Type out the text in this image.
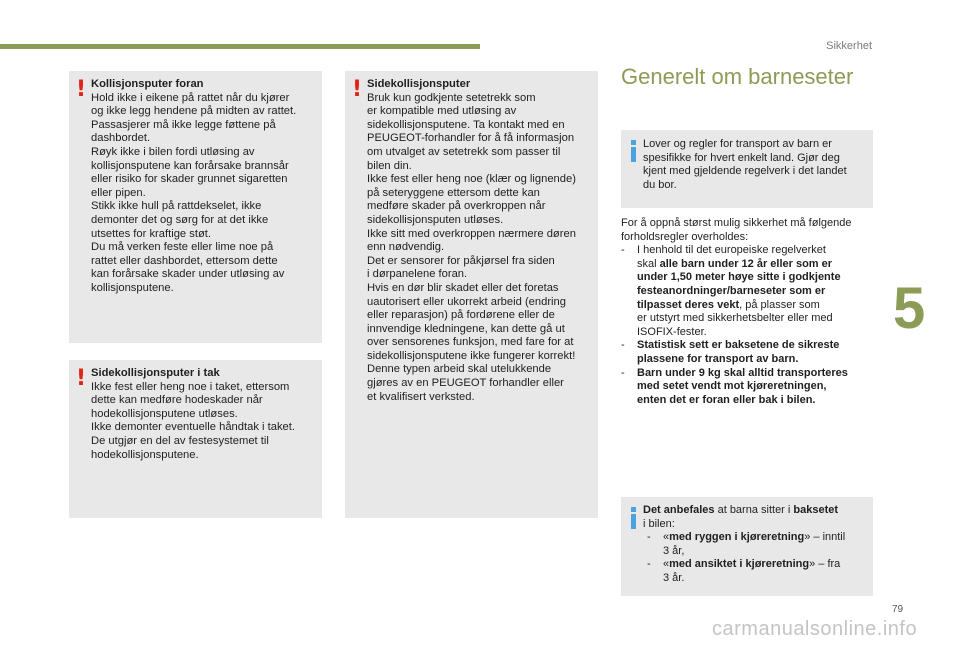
Sikkerhet
5
! Kollisjonsputer foran
Hold ikke i eikene på rattet når du kjører
og ikke legg hendene på midten av rattet.
Passasjerer må ikke legge føttene på
dashbordet.
Røyk ikke i bilen fordi utløsing av
kollisjonsputene kan forårsake brannsår
eller risiko for skader grunnet sigaretten
eller pipen.
Stikk ikke hull på rattdekselet, ikke
demonter det og sørg for at det ikke
utsettes for kraftige støt.
Du må verken feste eller lime noe på
rattet eller dashbordet, ettersom dette
kan forårsake skader under utløsing av
kollisjonsputene.

! Sidekollisjonsputer i tak
Ikke fest eller heng noe i taket, ettersom
dette kan medføre hodeskader når
hodekollisjonsputene utløses.
Ikke demonter eventuelle håndtak i taket.
De utgjør en del av festesystemet til
hodekollisjonsputene.

! Sidekollisjonsputer
Bruk kun godkjente setetrekk som
er kompatible med utløsing av
sidekollisjonsputene. Ta kontakt med en
PEUGEOT-forhandler for å få informasjon
om utvalget av setetrekk som passer til
bilen din.
Ikke fest eller heng noe (klær og lignende)
på seteryggene ettersom dette kan
medføre skader på overkroppen når
sidekollisjonsputen utløses.
Ikke sitt med overkroppen nærmere døren
enn nødvendig.
Det er sensorer for påkjørsel fra siden
i dørpanelene foran.
Hvis en dør blir skadet eller det foretas
uautorisert eller ukorrekt arbeid (endring
eller reparasjon) på fordørene eller de
innvendige kledningene, kan dette gå ut
over sensorenes funksjon, med fare for at
sidekollisjonsputene ikke fungerer korrekt!
Denne typen arbeid skal utelukkende
gjøres av en PEUGEOT forhandler eller
et kvalifisert verksted.

Generelt om barneseter

Lover og regler for transport av barn er
spesifikke for hvert enkelt land. Gjør deg
kjent med gjeldende regelverk i det landet
du bor.

For å oppnå størst mulig sikkerhet må følgende
forholdsregler overholdes:
-	I henhold til det europeiske regelverket
skal alle barn under 12 år eller som er
under 1,50 meter høye sitte i godkjente
festeanordninger/barneseter som er
tilpasset deres vekt, på plasser som
er utstyrt med sikkerhetsbelter eller med
ISOFIX-fester.
-	Statistisk sett er baksetene de sikreste
plassene for transport av barn.
-	Barn under 9 kg skal alltid transporteres
med setet vendt mot kjøreretningen,
enten det er foran eller bak i bilen.
Det anbefales at barna sitter i baksetet
i bilen:
-	«med ryggen i kjøreretning» – inntil
3 år,
-	«med ansiktet i kjøreretning» – fra
3 år.
79
carmanualsonline.info
